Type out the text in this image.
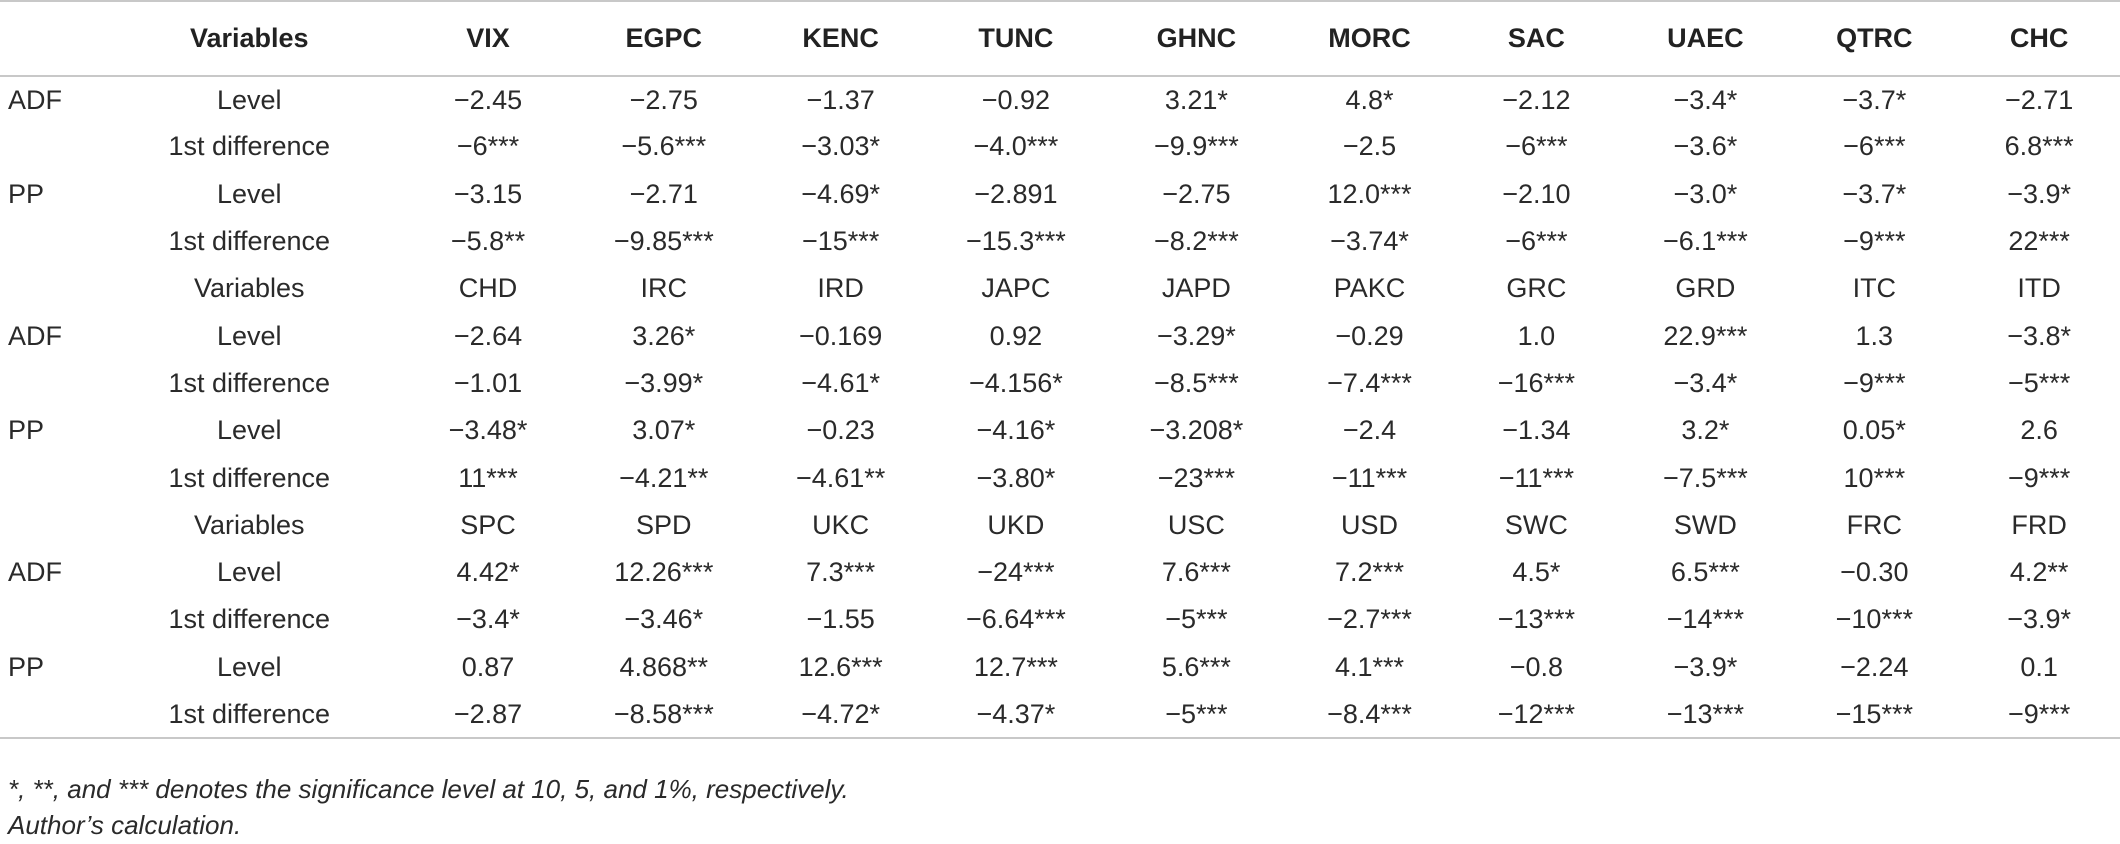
	Variables	VIX	EGPC	KENC	TUNC	GHNC	MORC	SAC	UAEC	QTRC	CHC
ADF	Level	−2.45	−2.75	−1.37	−0.92	3.21*	4.8*	−2.12	−3.4*	−3.7*	−2.71
	1st difference	−6***	−5.6***	−3.03*	−4.0***	−9.9***	−2.5	−6***	−3.6*	−6***	6.8***
PP	Level	−3.15	−2.71	−4.69*	−2.891	−2.75	12.0***	−2.10	−3.0*	−3.7*	−3.9*
	1st difference	−5.8**	−9.85***	−15***	−15.3***	−8.2***	−3.74*	−6***	−6.1***	−9***	22***
	Variables	CHD	IRC	IRD	JAPC	JAPD	PAKC	GRC	GRD	ITC	ITD
ADF	Level	−2.64	3.26*	−0.169	0.92	−3.29*	−0.29	1.0	22.9***	1.3	−3.8*
	1st difference	−1.01	−3.99*	−4.61*	−4.156*	−8.5***	−7.4***	−16***	−3.4*	−9***	−5***
PP	Level	−3.48*	3.07*	−0.23	−4.16*	−3.208*	−2.4	−1.34	3.2*	0.05*	2.6
	1st difference	11***	−4.21**	−4.61**	−3.80*	−23***	−11***	−11***	−7.5***	10***	−9***
	Variables	SPC	SPD	UKC	UKD	USC	USD	SWC	SWD	FRC	FRD
ADF	Level	4.42*	12.26***	7.3***	−24***	7.6***	7.2***	4.5*	6.5***	−0.30	4.2**
	1st difference	−3.4*	−3.46*	−1.55	−6.64***	−5***	−2.7***	−13***	−14***	−10***	−3.9*
PP	Level	0.87	4.868**	12.6***	12.7***	5.6***	4.1***	−0.8	−3.9*	−2.24	0.1
	1st difference	−2.87	−8.58***	−4.72*	−4.37*	−5***	−8.4***	−12***	−13***	−15***	−9***
*, **, and *** denotes the significance level at 10, 5, and 1%, respectively.
Author’s calculation.
